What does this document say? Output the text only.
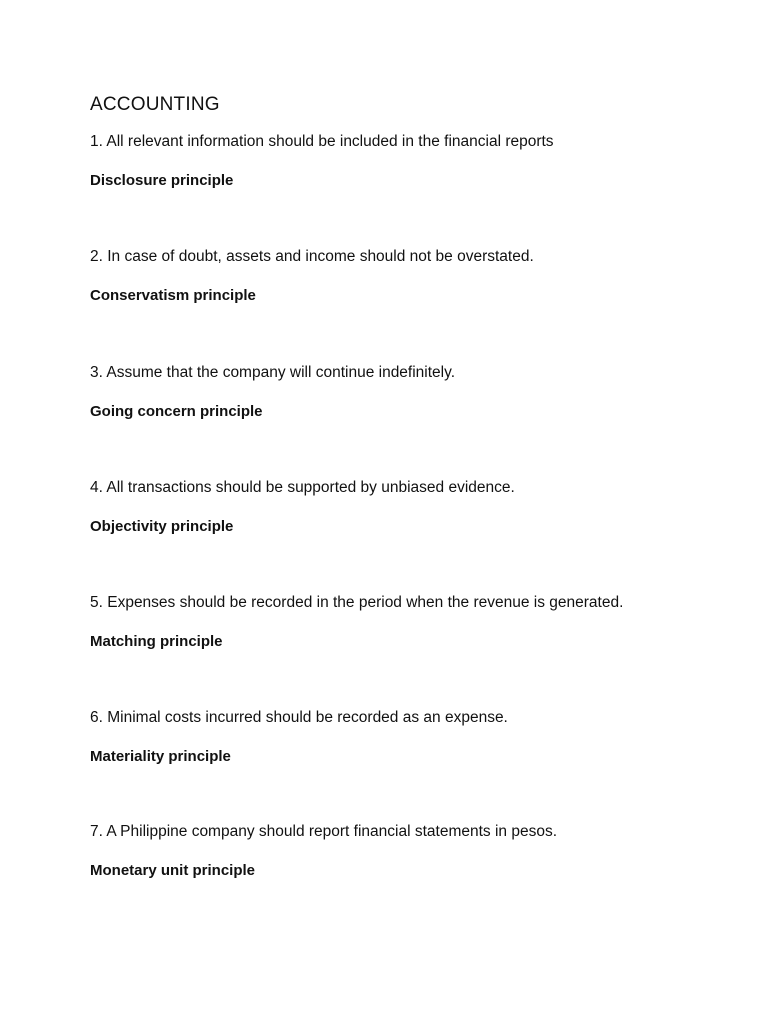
ACCOUNTING

1. All relevant information should be included in the financial reports

Disclosure principle

2. In case of doubt, assets and income should not be overstated.

Conservatism principle

3. Assume that the company will continue indefinitely.

Going concern principle

4. All transactions should be supported by unbiased evidence.

Objectivity principle

5. Expenses should be recorded in the period when the revenue is generated.

Matching principle

6. Minimal costs incurred should be recorded as an expense.

Materiality principle

7. A Philippine company should report financial statements in pesos.

Monetary unit principle
